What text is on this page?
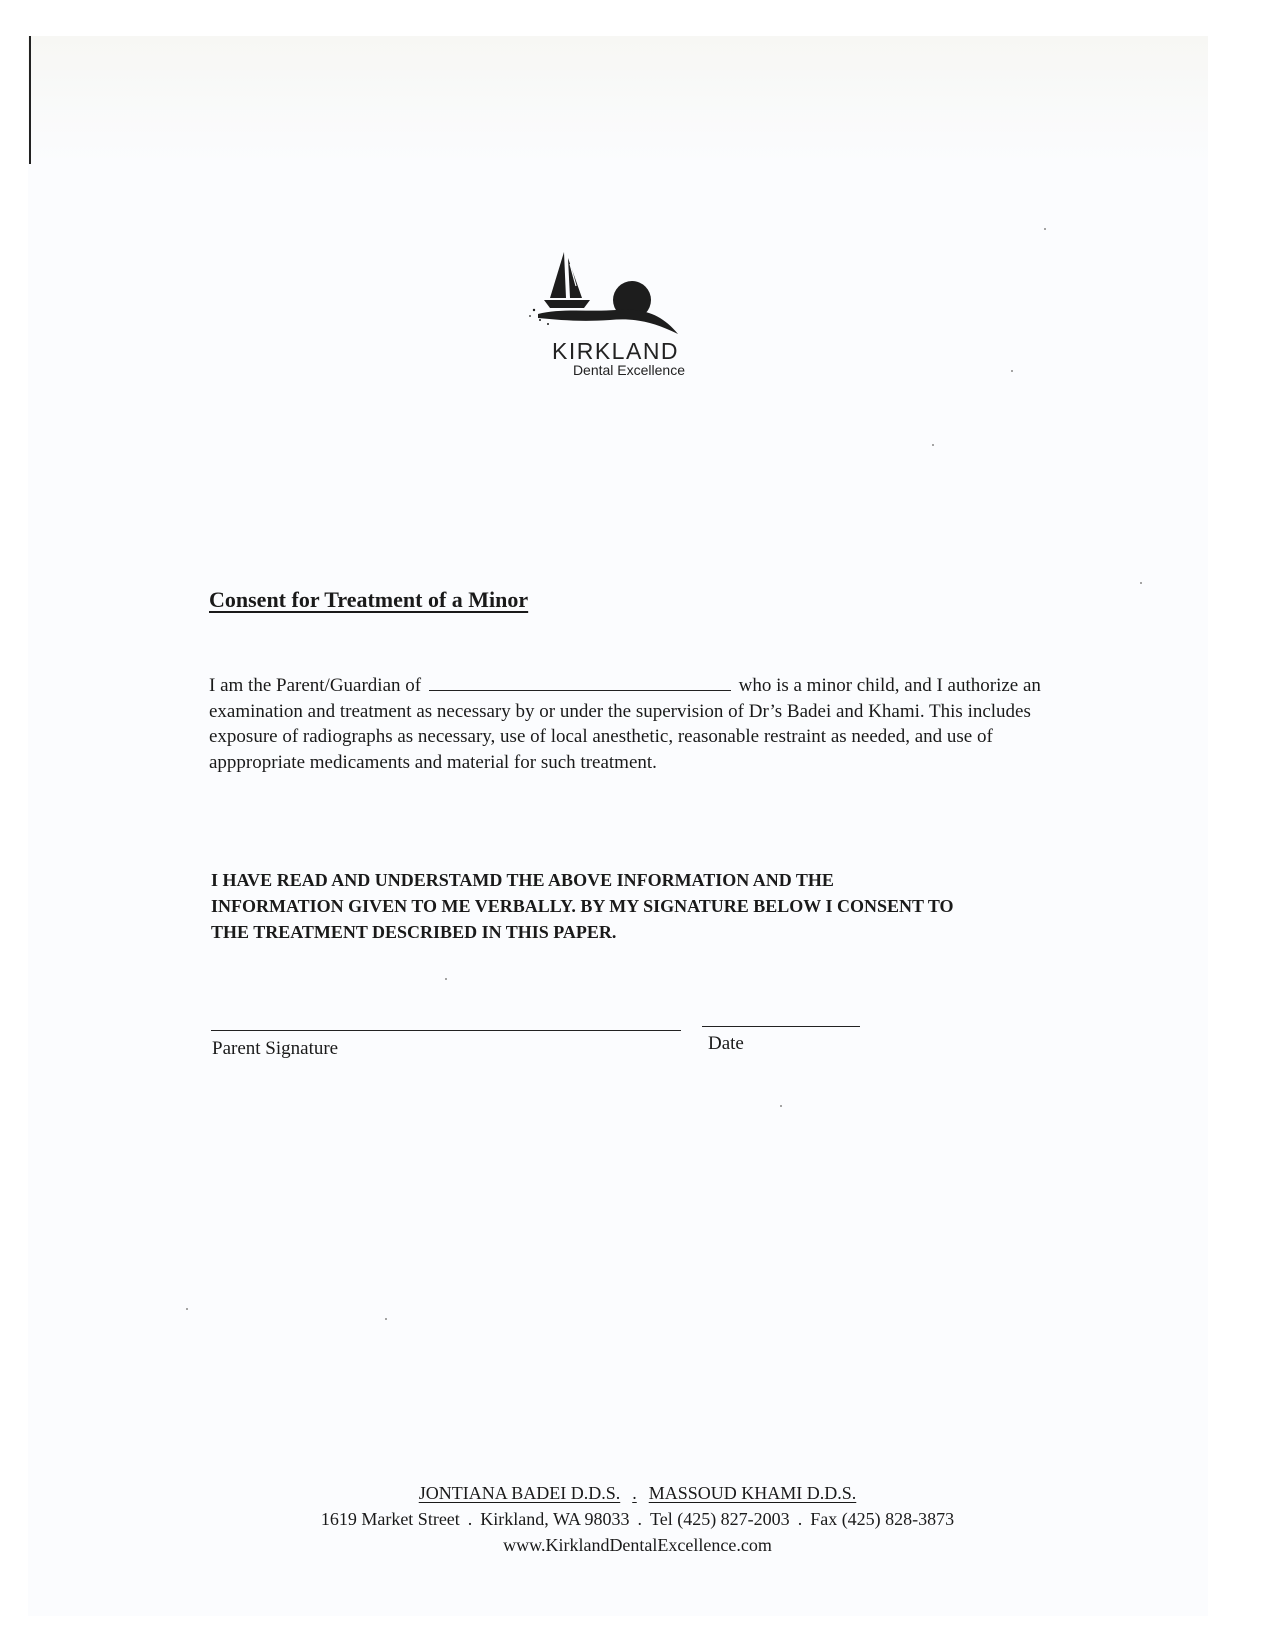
KIRKLAND
Dental Excellence
Consent for Treatment of a Minor

I am the Parent/Guardian of	who is a minor child, and I authorize an examination and treatment as necessary by or under the supervision of Dr’s Badei and Khami. This includes exposure of radiographs as necessary, use of local anesthetic, reasonable restraint as needed, and use of apppropriate medicaments and material for such treatment.

I HAVE READ AND UNDERSTAMD THE ABOVE INFORMATION AND THE INFORMATION GIVEN TO ME VERBALLY. BY MY SIGNATURE BELOW I CONSENT TO THE TREATMENT DESCRIBED IN THIS PAPER.

Parent Signature	Date
JONTIANA BADEI D.D.S. . MASSOUD KHAMI D.D.S.
1619 Market Street . Kirkland, WA 98033 . Tel (425) 827-2003 . Fax (425) 828-3873
www.KirklandDentalExcellence.com
